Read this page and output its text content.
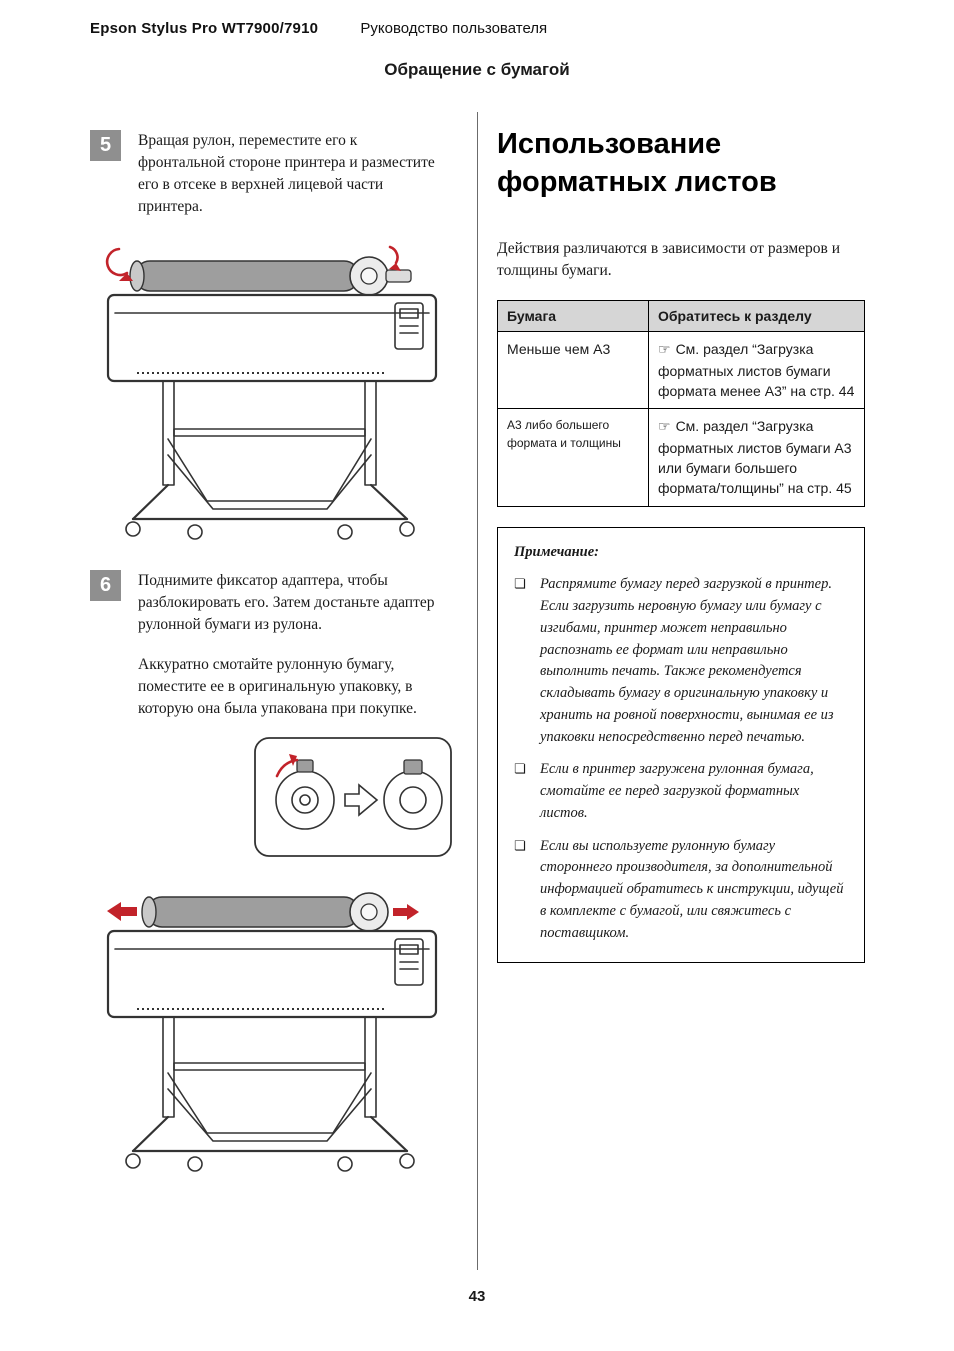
Epson Stylus Pro WT7900/7910	Руководство пользователя
Обращение с бумагой
5	Вращая рулон, переместите его к фронтальной стороне принтера и разместите его в отсеке в верхней лицевой части принтера.

6	Поднимите фиксатор адаптера, чтобы разблокировать его. Затем достаньте адаптер рулонной бумаги из рулона.

Аккуратно смотайте рулонную бумагу, поместите ее в оригинальную упаковку, в которую она была упакована при покупке.

Использование форматных листов

Действия различаются в зависимости от размеров и толщины бумаги.

Бумага	Обратитесь к разделу
Меньше чем A3	☞ См. раздел “Загрузка форматных листов бумаги формата менее A3” на стр. 44
A3 либо большего формата и толщины	☞ См. раздел “Загрузка форматных листов бумаги A3 или бумаги большего формата/толщины” на стр. 45

Примечание:

❏ Распрямите бумагу перед загрузкой в принтер. Если загрузить неровную бумагу или бумагу с изгибами, принтер может неправильно распознать ее формат или неправильно выполнить печать. Также рекомендуется складывать бумагу в оригинальную упаковку и хранить на ровной поверхности, вынимая ее из упаковки непосредственно перед печатью.
❏ Если в принтер загружена рулонная бумага, смотайте ее перед загрузкой форматных листов.
❏ Если вы используете рулонную бумагу стороннего производителя, за дополнительной информацией обратитесь к инструкции, идущей в комплекте с бумагой, или свяжитесь с поставщиком.
43
